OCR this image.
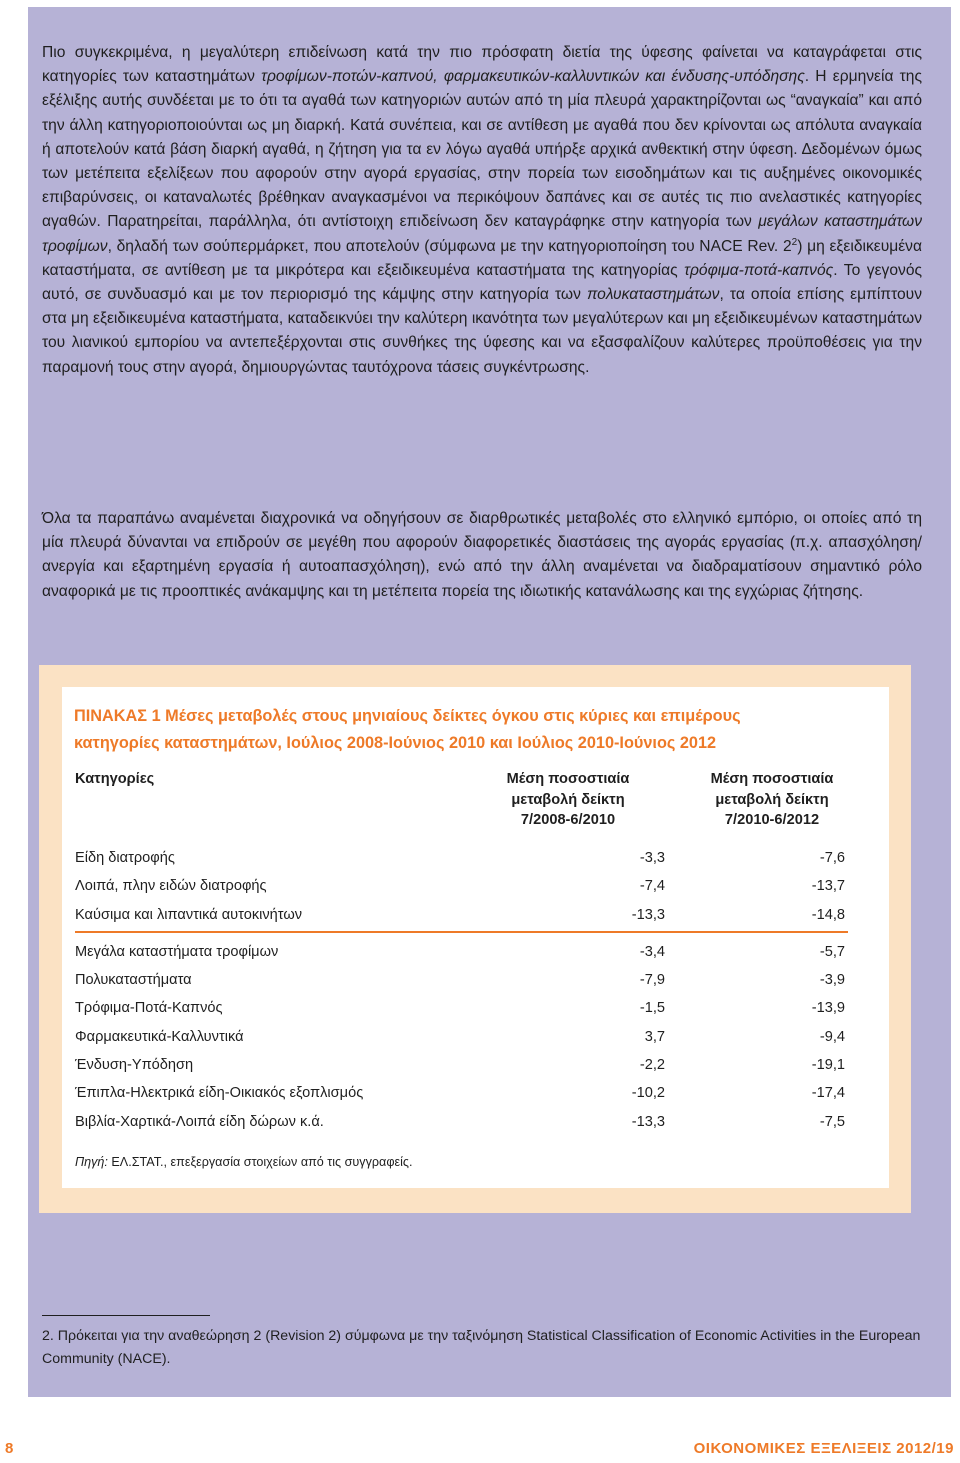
Πιο συγκεκριμένα, η μεγαλύτερη επιδείνωση κατά την πιο πρόσφατη διετία της ύφεσης φαίνεται να καταγράφεται στις κατηγορίες των καταστημάτων τροφίμων-ποτών-καπνού, φαρμακευτικών-καλλυντικών και ένδυσης-υπόδησης. Η ερμηνεία της εξέλιξης αυτής συνδέεται με το ότι τα αγαθά των κατηγοριών αυτών από τη μία πλευρά χαρακτηρίζονται ως “αναγκαία” και από την άλλη κατηγοριοποιούνται ως μη διαρκή. Κατά συνέπεια, και σε αντίθεση με αγαθά που δεν κρίνονται ως απόλυτα αναγκαία ή αποτελούν κατά βάση διαρκή αγαθά, η ζήτηση για τα εν λόγω αγαθά υπήρξε αρχικά ανθεκτική στην ύφεση. Δεδομένων όμως των μετέπειτα εξελίξεων που αφορούν στην αγορά εργασίας, στην πορεία των εισοδημάτων και τις αυξημένες οικονομικές επιβαρύνσεις, οι καταναλωτές βρέθηκαν αναγκασμένοι να περικόψουν δαπάνες και σε αυτές τις πιο ανελαστικές κατηγορίες αγαθών. Παρατηρείται, παράλληλα, ότι αντίστοιχη επιδείνωση δεν καταγράφηκε στην κατηγορία των μεγάλων καταστημάτων τροφίμων, δηλαδή των σούπερμάρκετ, που αποτελούν (σύμφωνα με την κατηγοριοποίηση του NACE Rev. $2^2$) μη εξειδικευμένα καταστήματα, σε αντίθεση με τα μικρότερα και εξειδικευμένα καταστήματα της κατηγορίας τρόφιμα-ποτά-καπνός. Το γεγονός αυτό, σε συνδυασμό και με τον περιορισμό της κάμψης στην κατηγορία των πολυκαταστημάτων, τα οποία επίσης εμπίπτουν στα μη εξειδικευμένα καταστήματα, καταδεικνύει την καλύτερη ικανότητα των μεγαλύτερων και μη εξειδικευμένων καταστημάτων του λιανικού εμπορίου να αντεπεξέρχονται στις συνθήκες της ύφεσης και να εξασφαλίζουν καλύτερες προϋποθέσεις για την παραμονή τους στην αγορά, δημιουργώντας ταυτόχρονα τάσεις συγκέντρωσης.

Όλα τα παραπάνω αναμένεται διαχρονικά να οδηγήσουν σε διαρθρωτικές μεταβολές στο ελληνικό εμπόριο, οι οποίες από τη μία πλευρά δύνανται να επιδρούν σε μεγέθη που αφορούν διαφορετικές διαστάσεις της αγοράς εργασίας (π.χ. απασχόληση/ανεργία και εξαρτημένη εργασία ή αυτοαπασχόληση), ενώ από την άλλη αναμένεται να διαδραματίσουν σημαντικό ρόλο αναφορικά με τις προοπτικές ανάκαμψης και τη μετέπειτα πορεία της ιδιωτικής κατανάλωσης και της εγχώριας ζήτησης.

ΠΙΝΑΚΑΣ 1 Μέσες μεταβολές στους μηνιαίους δείκτες όγκου στις κύριες και επιμέρους
κατηγορίες καταστημάτων, Ιούλιος 2008-Ιούνιος 2010 και Ιούλιος 2010-Ιούνιος 2012

Κατηγορίες	Μέση ποσοστιαία
μεταβολή δείκτη
7/2008-6/2010
Μέση ποσοστιαία
μεταβολή δείκτη
7/2010-6/2012
Είδη διατροφής	-3,3	-7,6
Λοιπά, πλην ειδών διατροφής	-7,4	-13,7
Καύσιμα και λιπαντικά αυτοκινήτων	-13,3	-14,8
Μεγάλα καταστήματα τροφίμων	-3,4	-5,7
Πολυκαταστήματα	-7,9	-3,9
Τρόφιμα-Ποτά-Καπνός	-1,5	-13,9
Φαρμακευτικά-Καλλυντικά	3,7	-9,4
Ένδυση-Υπόδηση	-2,2	-19,1
Έπιπλα-Ηλεκτρικά είδη-Οικιακός εξοπλισμός	-10,2	-17,4
Βιβλία-Χαρτικά-Λοιπά είδη δώρων κ.ά.	-13,3	-7,5
Πηγή: ΕΛ.ΣΤΑΤ., επεξεργασία στοιχείων από τις συγγραφείς.

2. Πρόκειται για την αναθεώρηση 2 (Revision 2) σύμφωνα με την ταξινόμηση Statistical Classification of Economic Activities in the European Community (NACE).

8	ΟΙΚΟΝΟΜΙΚΕΣ ΕΞΕΛΙΞΕΙΣ 2012/19
